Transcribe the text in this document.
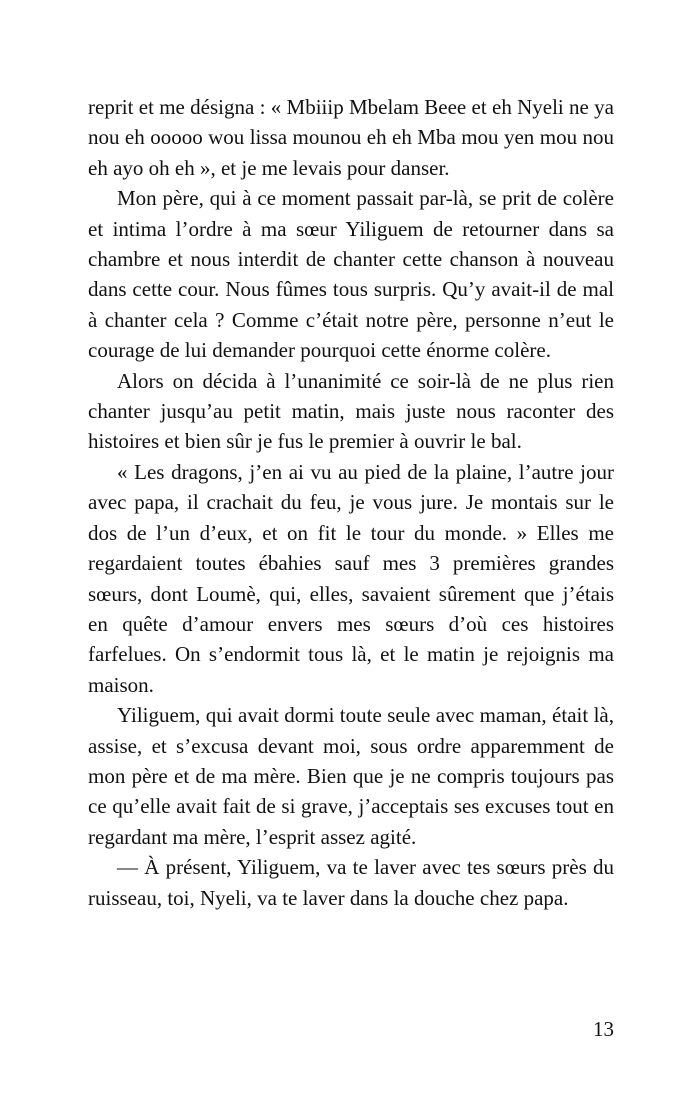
reprit et me désigna : « Mbiiip Mbelam Beee et eh Nyeli ne ya nou eh ooooo wou lissa mounou eh eh Mba mou yen mou nou eh ayo oh eh », et je me levais pour danser.

Mon père, qui à ce moment passait par-là, se prit de colère et intima l’ordre à ma sœur Yiliguem de retourner dans sa chambre et nous interdit de chanter cette chanson à nouveau dans cette cour. Nous fûmes tous surpris. Qu’y avait-il de mal à chanter cela ? Comme c’était notre père, personne n’eut le courage de lui demander pourquoi cette énorme colère.

Alors on décida à l’unanimité ce soir-là de ne plus rien chanter jusqu’au petit matin, mais juste nous raconter des histoires et bien sûr je fus le premier à ouvrir le bal.

« Les dragons, j’en ai vu au pied de la plaine, l’autre jour avec papa, il crachait du feu, je vous jure. Je montais sur le dos de l’un d’eux, et on fit le tour du monde. » Elles me regardaient toutes ébahies sauf mes 3 premières grandes sœurs, dont Loumè, qui, elles, savaient sûrement que j’étais en quête d’amour envers mes sœurs d’où ces histoires farfelues. On s’endormit tous là, et le matin je rejoignis ma maison.

Yiliguem, qui avait dormi toute seule avec maman, était là, assise, et s’excusa devant moi, sous ordre apparemment de mon père et de ma mère. Bien que je ne compris toujours pas ce qu’elle avait fait de si grave, j’acceptais ses excuses tout en regardant ma mère, l’esprit assez agité.

— À présent, Yiliguem, va te laver avec tes sœurs près du ruisseau, toi, Nyeli, va te laver dans la douche chez papa.

13
